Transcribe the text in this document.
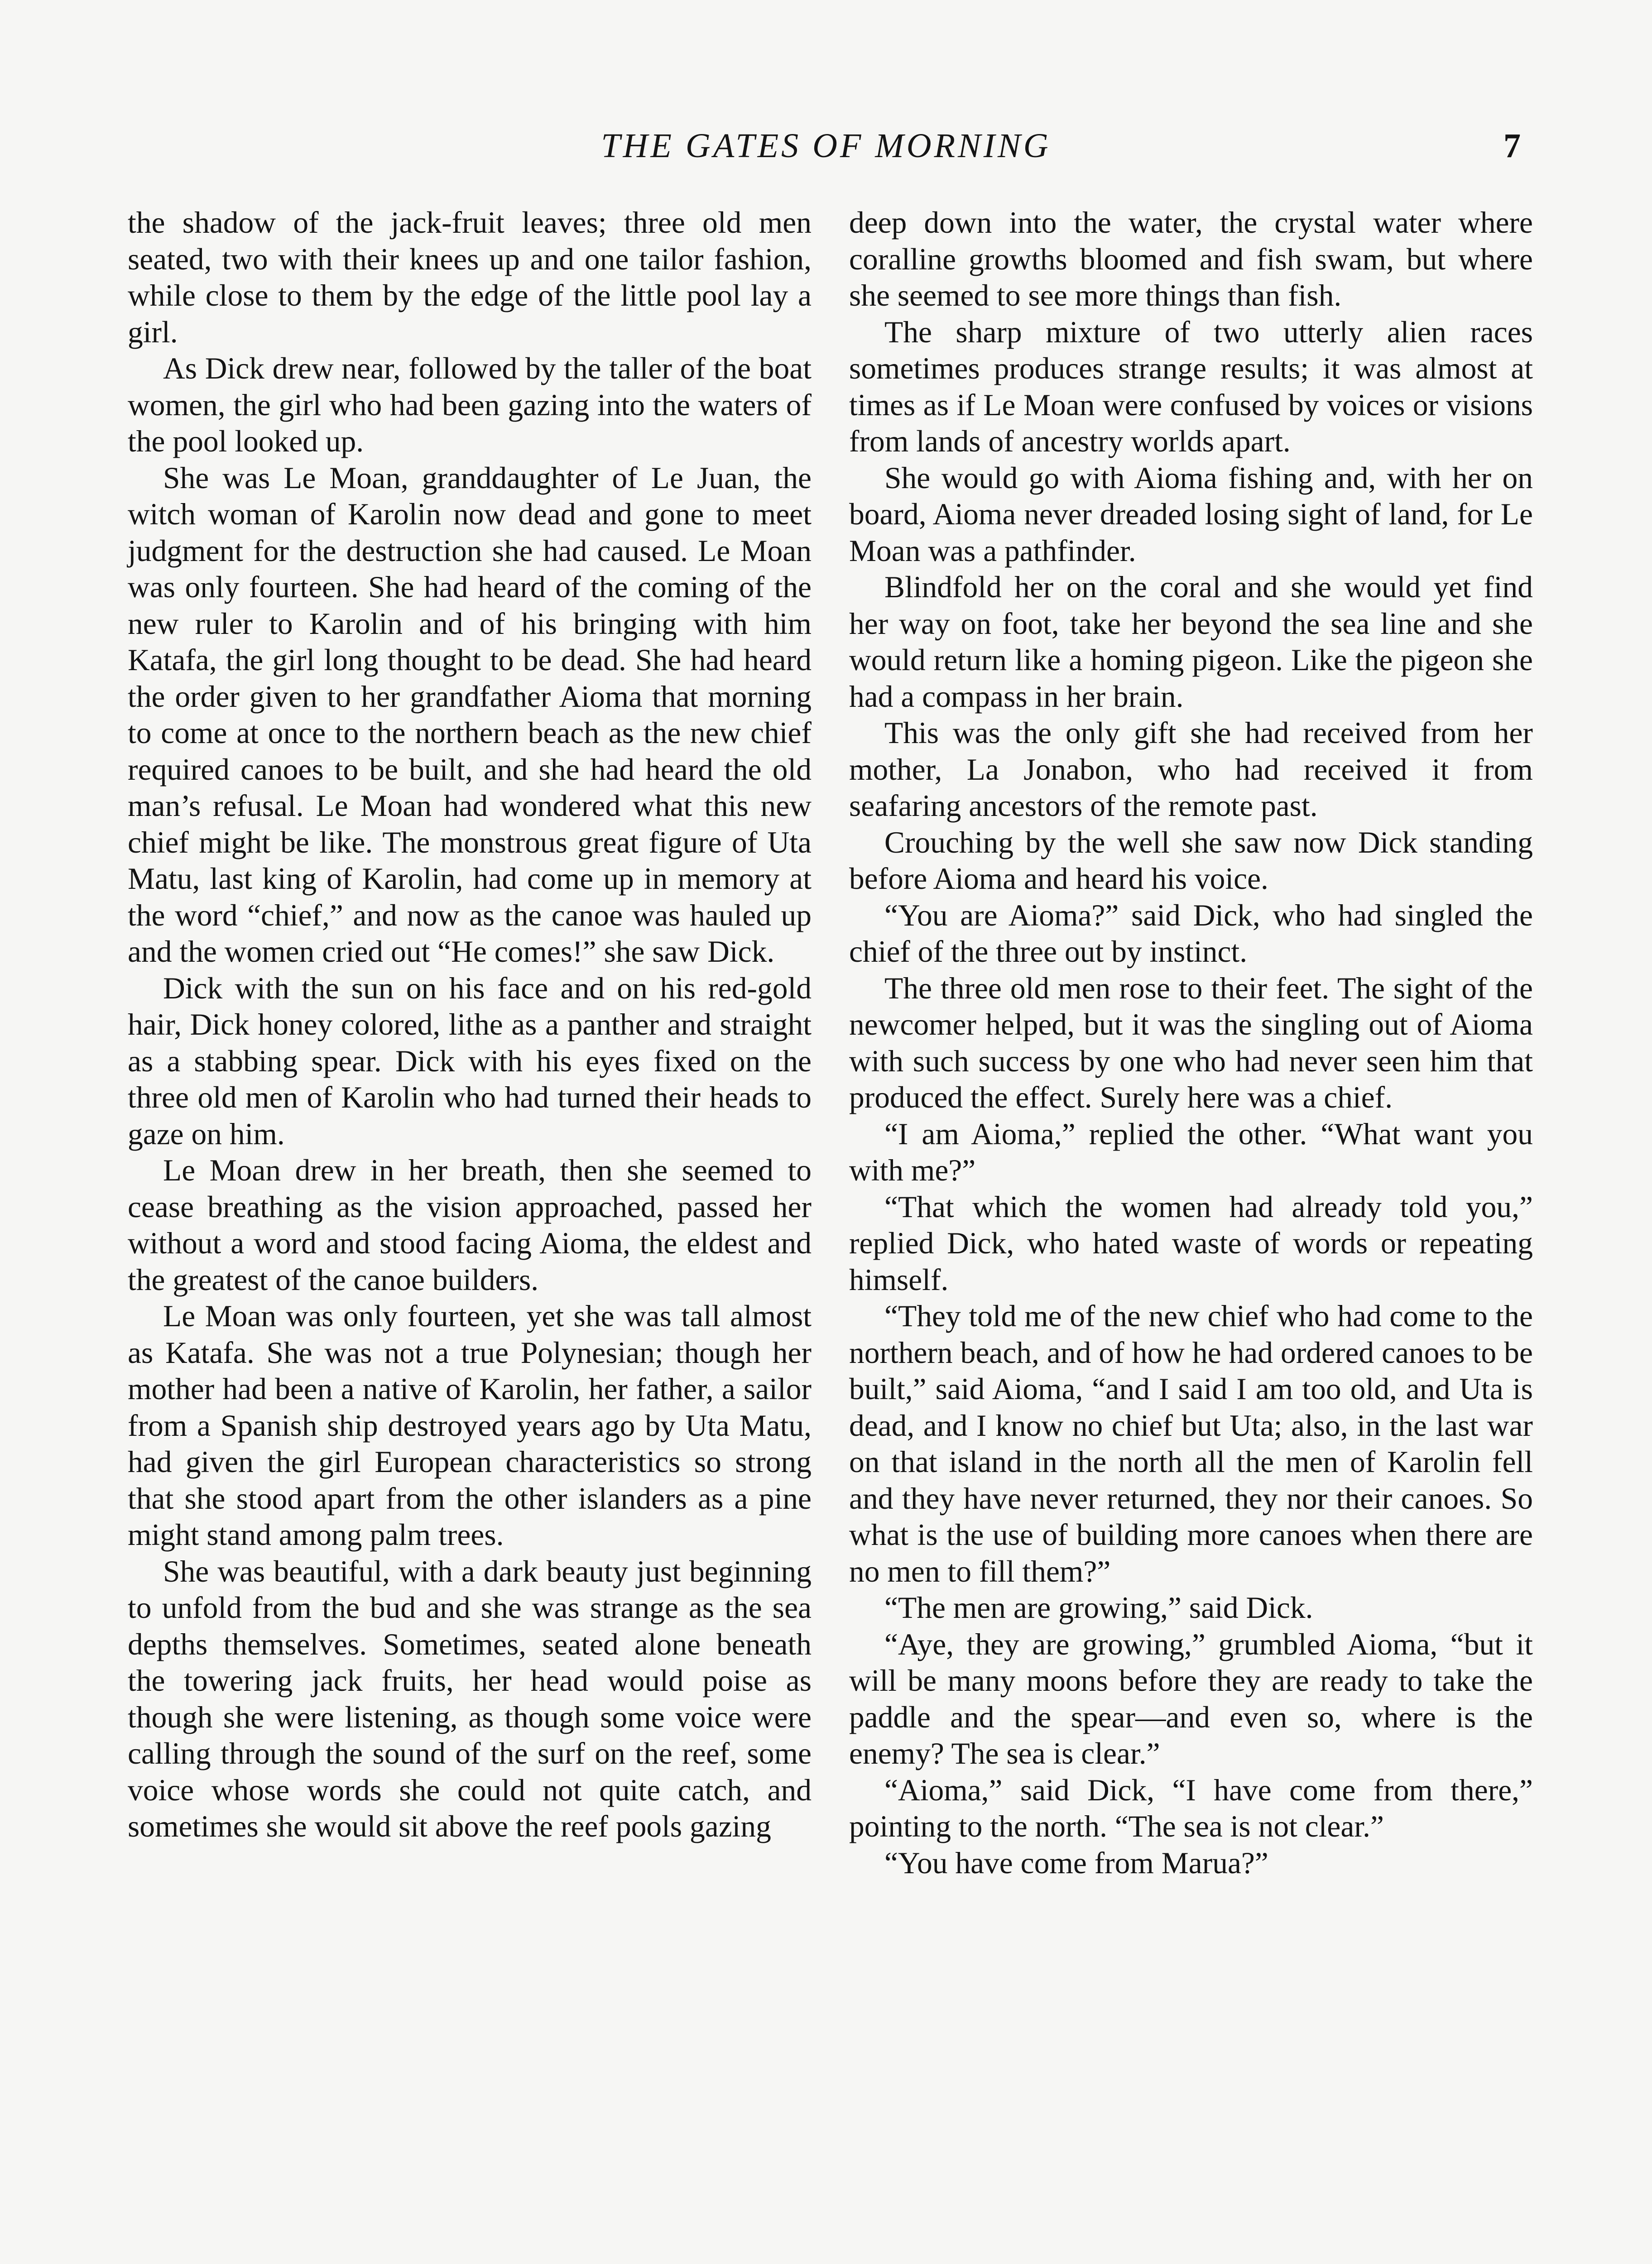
THE GATES OF MORNING	7

the shadow of the jack-fruit leaves; three old men seated, two with their knees up and one tailor fashion, while close to them by the edge of the little pool lay a girl.

As Dick drew near, followed by the taller of the boat women, the girl who had been gazing into the waters of the pool looked up.

She was Le Moan, granddaughter of Le Juan, the witch woman of Karolin now dead and gone to meet judgment for the destruction she had caused. Le Moan was only fourteen. She had heard of the coming of the new ruler to Karolin and of his bringing with him Katafa, the girl long thought to be dead. She had heard the order given to her grandfather Aioma that morning to come at once to the northern beach as the new chief required canoes to be built, and she had heard the old man’s refusal. Le Moan had wondered what this new chief might be like. The monstrous great figure of Uta Matu, last king of Karolin, had come up in memory at the word “chief,” and now as the canoe was hauled up and the women cried out “He comes!” she saw Dick.

Dick with the sun on his face and on his red-gold hair, Dick honey colored, lithe as a panther and straight as a stabbing spear. Dick with his eyes fixed on the three old men of Karolin who had turned their heads to gaze on him.

Le Moan drew in her breath, then she seemed to cease breathing as the vision approached, passed her without a word and stood facing Aioma, the eldest and the greatest of the canoe builders.

Le Moan was only fourteen, yet she was tall almost as Katafa. She was not a true Polynesian; though her mother had been a native of Karolin, her father, a sailor from a Spanish ship destroyed years ago by Uta Matu, had given the girl European characteristics so strong that she stood apart from the other islanders as a pine might stand among palm trees.

She was beautiful, with a dark beauty just beginning to unfold from the bud and she was strange as the sea depths themselves. Sometimes, seated alone beneath the towering jack fruits, her head would poise as though she were listening, as though some voice were calling through the sound of the surf on the reef, some voice whose words she could not quite catch, and sometimes she would sit above the reef pools gazing

deep down into the water, the crystal water where coralline growths bloomed and fish swam, but where she seemed to see more things than fish.

The sharp mixture of two utterly alien races sometimes produces strange results; it was almost at times as if Le Moan were confused by voices or visions from lands of ancestry worlds apart.

She would go with Aioma fishing and, with her on board, Aioma never dreaded losing sight of land, for Le Moan was a pathfinder.

Blindfold her on the coral and she would yet find her way on foot, take her beyond the sea line and she would return like a homing pigeon. Like the pigeon she had a compass in her brain.

This was the only gift she had received from her mother, La Jonabon, who had received it from seafaring ancestors of the remote past.

Crouching by the well she saw now Dick standing before Aioma and heard his voice.

“You are Aioma?” said Dick, who had singled the chief of the three out by instinct.

The three old men rose to their feet. The sight of the newcomer helped, but it was the singling out of Aioma with such success by one who had never seen him that produced the effect. Surely here was a chief.

“I am Aioma,” replied the other. “What want you with me?”

“That which the women had already told you,” replied Dick, who hated waste of words or repeating himself.

“They told me of the new chief who had come to the northern beach, and of how he had ordered canoes to be built,” said Aioma, “and I said I am too old, and Uta is dead, and I know no chief but Uta; also, in the last war on that island in the north all the men of Karolin fell and they have never returned, they nor their canoes. So what is the use of building more canoes when there are no men to fill them?”

“The men are growing,” said Dick.

“Aye, they are growing,” grumbled Aioma, “but it will be many moons before they are ready to take the paddle and the spear—and even so, where is the enemy? The sea is clear.”

“Aioma,” said Dick, “I have come from there,” pointing to the north. “The sea is not clear.”

“You have come from Marua?”
